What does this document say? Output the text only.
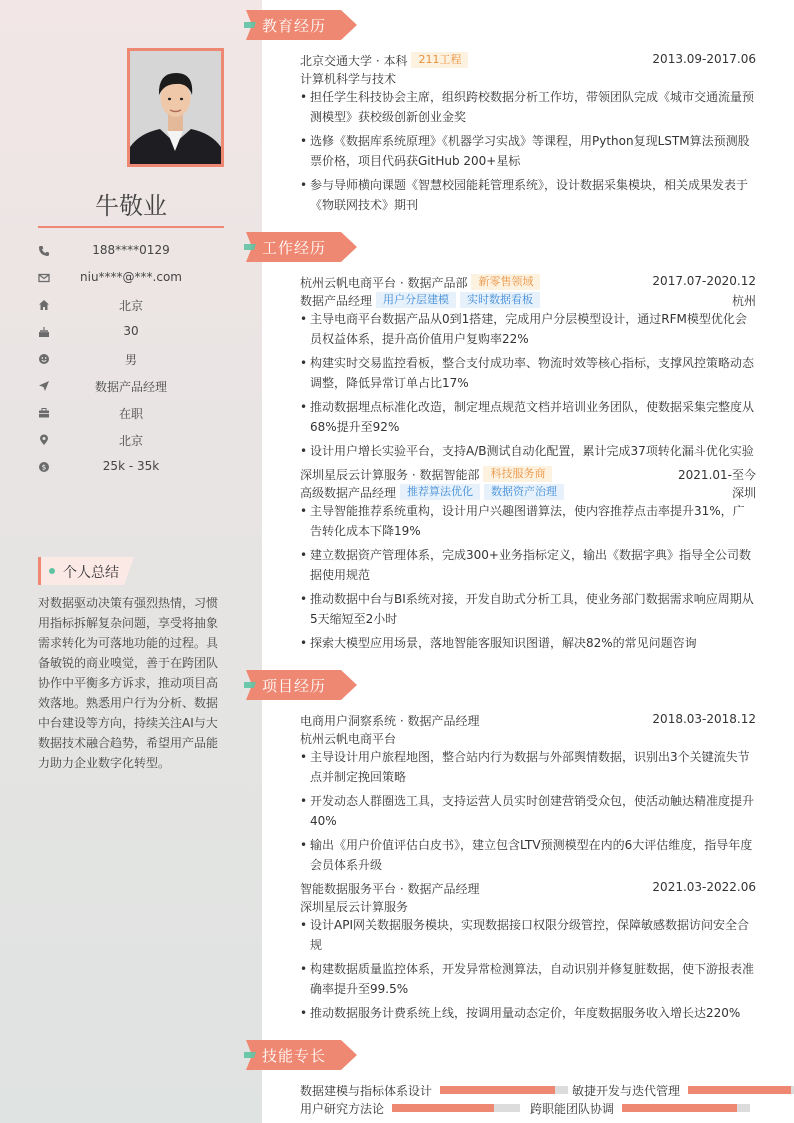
牛敬业
188****0129
niu****@***.com
北京
30
男
数据产品经理
在职
北京
$	25k - 35k
个人总结
对数据驱动决策有强烈热情，习惯用指标拆解复杂问题，享受将抽象需求转化为可落地功能的过程。具备敏锐的商业嗅觉，善于在跨团队协作中平衡多方诉求，推动项目高效落地。熟悉用户行为分析、数据中台建设等方向，持续关注AI与大数据技术融合趋势，希望用产品能力助力企业数字化转型。
教育经历
北京交通大学 · 本科 211工程	2013.09-2017.06
计算机科学与技术
• 担任学生科技协会主席，组织跨校数据分析工作坊，带领团队完成《城市交通流量预测模型》获校级创新创业金奖
• 选修《数据库系统原理》《机器学习实战》等课程，用Python复现LSTM算法预测股票价格，项目代码获GitHub 200+星标
• 参与导师横向课题《智慧校园能耗管理系统》，设计数据采集模块，相关成果发表于《物联网技术》期刊
工作经历
杭州云帆电商平台 · 数据产品部 新零售领域	2017.07-2020.12
数据产品经理 用户分层建模 实时数据看板	杭州
• 主导电商平台数据产品从0到1搭建，完成用户分层模型设计，通过RFM模型优化会员权益体系，提升高价值用户复购率22%
• 构建实时交易监控看板，整合支付成功率、物流时效等核心指标，支撑风控策略动态调整，降低异常订单占比17%
• 推动数据埋点标准化改造，制定埋点规范文档并培训业务团队，使数据采集完整度从68%提升至92%
• 设计用户增长实验平台，支持A/B测试自动化配置，累计完成37项转化漏斗优化实验
深圳星辰云计算服务 · 数据智能部 科技服务商	2021.01-至今
高级数据产品经理 推荐算法优化 数据资产治理	深圳
• 主导智能推荐系统重构，设计用户兴趣图谱算法，使内容推荐点击率提升31%，广告转化成本下降19%
• 建立数据资产管理体系，完成300+业务指标定义，输出《数据字典》指导全公司数据使用规范
• 推动数据中台与BI系统对接，开发自助式分析工具，使业务部门数据需求响应周期从5天缩短至2小时
• 探索大模型应用场景，落地智能客服知识图谱，解决82%的常见问题咨询
项目经历
电商用户洞察系统 · 数据产品经理	2018.03-2018.12
杭州云帆电商平台
• 主导设计用户旅程地图，整合站内行为数据与外部舆情数据，识别出3个关键流失节点并制定挽回策略
• 开发动态人群圈选工具，支持运营人员实时创建营销受众包，使活动触达精准度提升40%
• 输出《用户价值评估白皮书》，建立包含LTV预测模型在内的6大评估维度，指导年度会员体系升级
智能数据服务平台 · 数据产品经理	2021.03-2022.06
深圳星辰云计算服务
• 设计API网关数据服务模块，实现数据接口权限分级管控，保障敏感数据访问安全合规
• 构建数据质量监控体系，开发异常检测算法，自动识别并修复脏数据，使下游报表准确率提升至99.5%
• 推动数据服务计费系统上线，按调用量动态定价，年度数据服务收入增长达220%
技能专长
数据建模与指标体系设计	敏捷开发与迭代管理
用户研究方法论	跨职能团队协调
